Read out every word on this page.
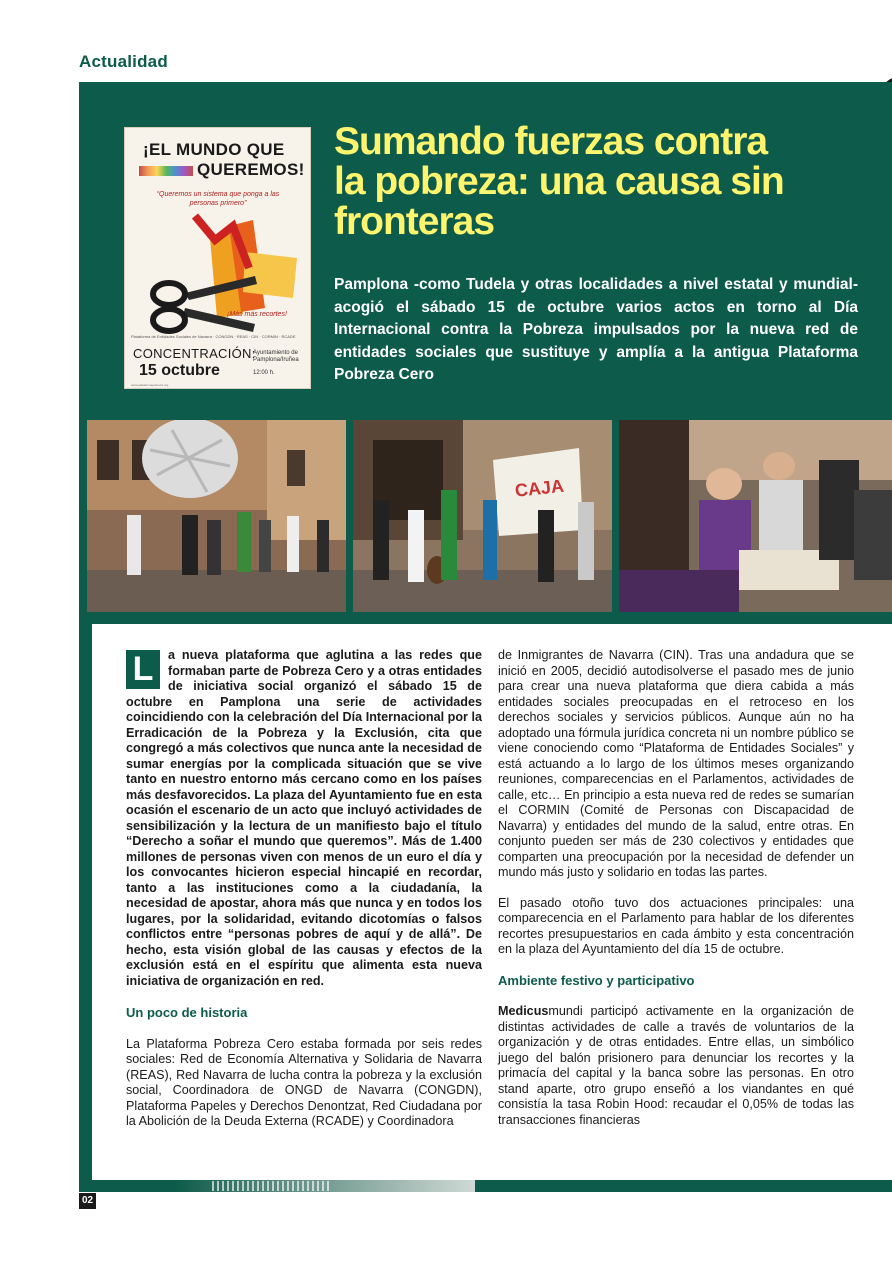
Actualidad
¡EL MUNDO QUE
QUEREMOS!
“Queremos un sistema que ponga a las personas primero”
¡Más más recortes!
Plataforma de Entidades Sociales de Navarra · CONGDN · REAS · CIN · CORMIN · RCADE
CONCENTRACIÓN:
15 octubre
Ayuntamiento de Pamplona/Iruñea
12:00 h.
www.plataformapobreza.org
Sumando fuerzas contra la pobreza: una causa sin fronteras

Pamplona -como Tudela y otras localidades a nivel estatal y mundial- acogió el sábado 15 de octubre varios actos en torno al Día Internacional contra la Pobreza impulsados por la nueva red de entidades sociales que sustituye y amplía a la antigua Plataforma Pobreza Cero

CAJA

L	a nueva plataforma que aglutina a las redes que formaban parte de Pobreza Cero y a otras entidades de iniciativa social organizó el sábado 15 de octubre en Pamplona una serie de actividades coincidiendo con la celebración del Día Internacional por la Erradicación de la Pobreza y la Exclusión, cita que congregó a más colectivos que nunca ante la necesidad de sumar energías por la complicada situación que se vive tanto en nuestro entorno más cercano como en los países más desfavorecidos. La plaza del Ayuntamiento fue en esta ocasión el escenario de un acto que incluyó actividades de sensibilización y la lectura de un manifiesto bajo el título “Derecho a soñar el mundo que queremos”. Más de 1.400 millones de personas viven con menos de un euro el día y los convocantes hicieron especial hincapié en recordar, tanto a las instituciones como a la ciudadanía, la necesidad de apostar, ahora más que nunca y en todos los lugares, por la solidaridad, evitando dicotomías o falsos conflictos entre “personas pobres de aquí y de allá”. De hecho, esta visión global de las causas y efectos de la exclusión está en el espíritu que alimenta esta nueva iniciativa de organización en red.

Un poco de historia

La Plataforma Pobreza Cero estaba formada por seis redes sociales: Red de Economía Alternativa y Solidaria de Navarra (REAS), Red Navarra de lucha contra la pobreza y la exclusión social, Coordinadora de ONGD de Navarra (CONGDN), Plataforma Papeles y Derechos Denontzat, Red Ciudadana por la Abolición de la Deuda Externa (RCADE) y Coordinadora

de Inmigrantes de Navarra (CIN). Tras una andadura que se inició en 2005, decidió autodisolverse el pasado mes de junio para crear una nueva plataforma que diera cabida a más entidades sociales preocupadas en el retroceso en los derechos sociales y servicios públicos. Aunque aún no ha adoptado una fórmula jurídica concreta ni un nombre público se viene conociendo como “Plataforma de Entidades Sociales” y está actuando a lo largo de los últimos meses organizando reuniones, comparecencias en el Parlamentos, actividades de calle, etc… En principio a esta nueva red de redes se sumarían el CORMIN (Comité de Personas con Discapacidad de Navarra) y entidades del mundo de la salud, entre otras. En conjunto pueden ser más de 230 colectivos y entidades que comparten una preocupación por la necesidad de defender un mundo más justo y solidario en todas las partes.

El pasado otoño tuvo dos actuaciones principales: una comparecencia en el Parlamento para hablar de los diferentes recortes presupuestarios en cada ámbito y esta concentración en la plaza del Ayuntamiento del día 15 de octubre.

Ambiente festivo y participativo

Medicusmundi participó activamente en la organización de distintas actividades de calle a través de voluntarios de la organización y de otras entidades. Entre ellas, un simbólico juego del balón prisionero para denunciar los recortes y la primacía del capital y la banca sobre las personas. En otro stand aparte, otro grupo enseñó a los viandantes en qué consistía la tasa Robin Hood: recaudar el 0,05% de todas las transacciones financieras

02
